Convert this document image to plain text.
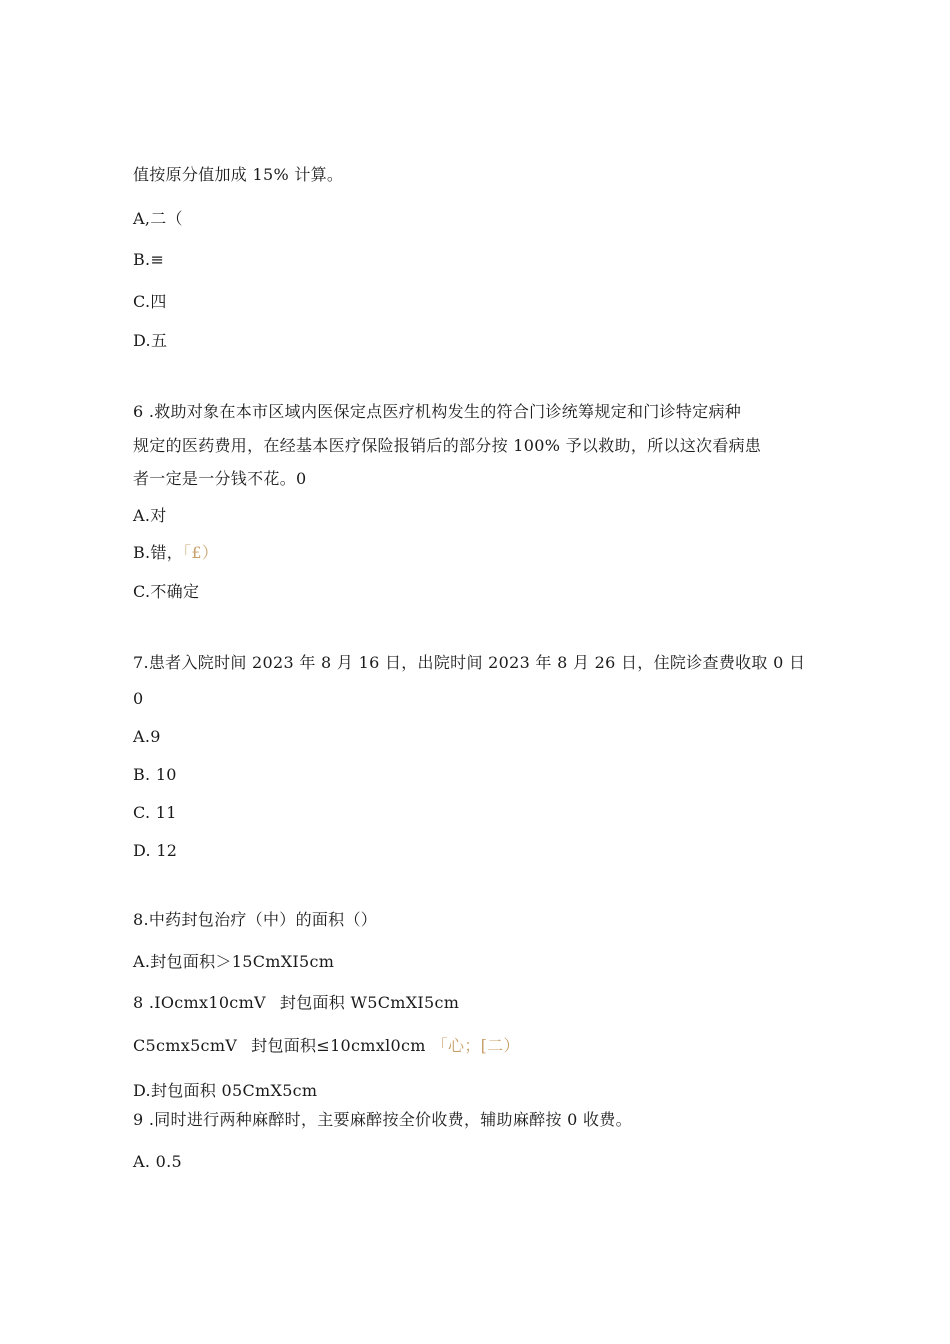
值按原分值加成 15% 计算。
A,二（
B.≡
C.四
D.五
6 .救助对象在本市区域内医保定点医疗机构发生的符合门诊统筹规定和门诊特定病种
规定的医药费用，在经基本医疗保险报销后的部分按 100% 予以救助，所以这次看病患
者一定是一分钱不花。0
A.对
B.错，「£）
C.不确定
7.患者入院时间 2023 年 8 月 16 日，出院时间 2023 年 8 月 26 日，住院诊查费收取 0 日
0
A.9
B. 10
C. 11
D. 12
8.中药封包治疗（中）的面积（）
A.封包面积＞15CmXI5cm
8 .IOcmx10cmV 封包面积 W5CmXI5cm
C5cmx5cmV 封包面积≤10cmxl0cm 「心；[二）
D.封包面积 05CmX5cm
9 .同时进行两种麻醉时，主要麻醉按全价收费，辅助麻醉按 0 收费。
A. 0.5
